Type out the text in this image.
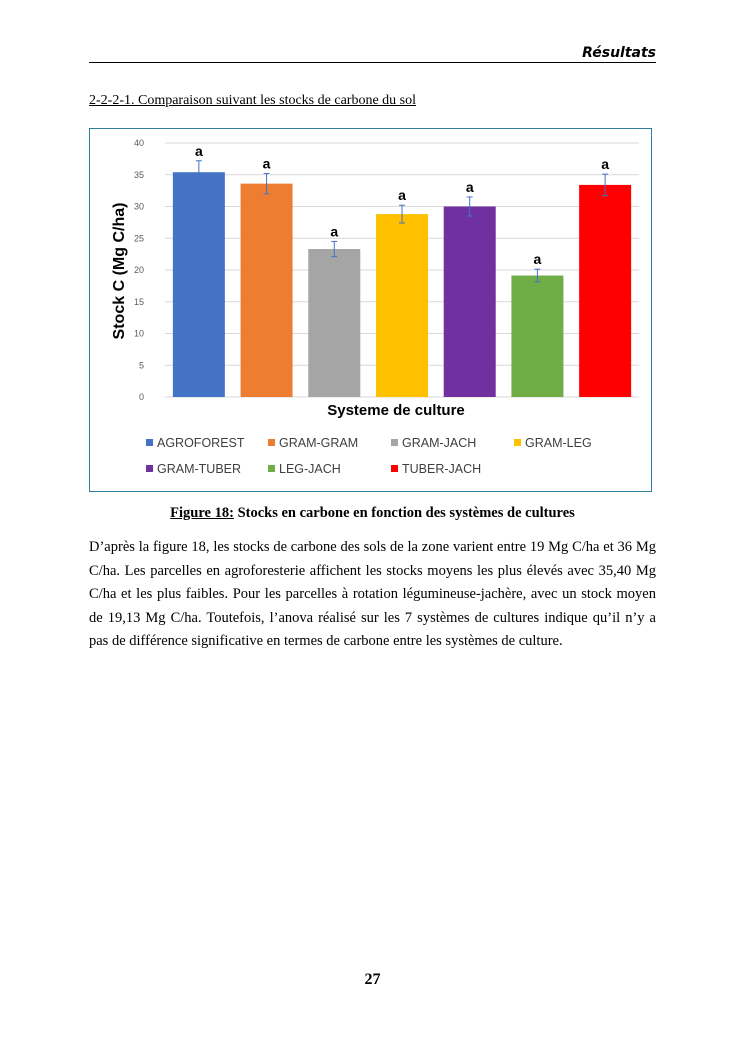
Résultats
2-2-2-1. Comparaison suivant les stocks de carbone du sol
0
5
10
15
20
25
30
35
40	a
a
a
a
a
a
a
Stock C (Mg C/ha)
Systeme de culture
AGROFOREST	GRAM-GRAM	GRAM-JACH	GRAM-LEG
GRAM-TUBER	LEG-JACH	TUBER-JACH
Figure 18: Stocks en carbone en fonction des systèmes de cultures
D’après la figure 18, les stocks de carbone des sols de la zone varient entre 19 Mg C/ha et 36 Mg C/ha. Les parcelles en agroforesterie affichent les stocks moyens les plus élevés avec 35,40 Mg C/ha et les plus faibles. Pour les parcelles à rotation légumineuse-jachère, avec un stock moyen de 19,13 Mg C/ha. Toutefois, l’anova réalisé sur les 7 systèmes de cultures indique qu’il n’y a pas de différence significative en termes de carbone entre les systèmes de culture.
27
